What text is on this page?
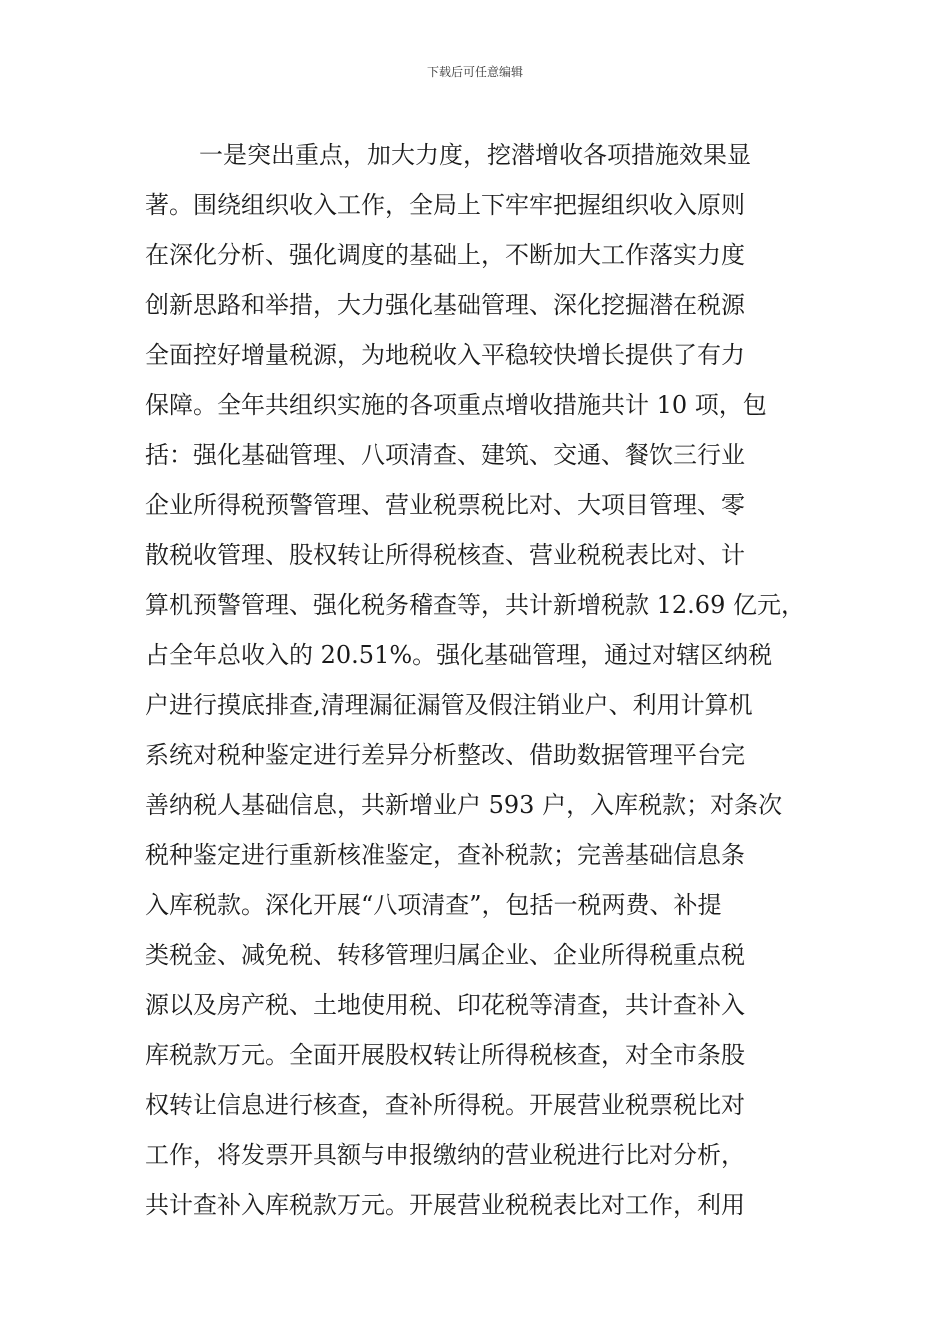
下载后可任意编辑
一是突出重点，加大力度，挖潜增收各项措施效果显
著。围绕组织收入工作，全局上下牢牢把握组织收入原则
在深化分析、强化调度的基础上，不断加大工作落实力度
创新思路和举措，大力强化基础管理、深化挖掘潜在税源
全面控好增量税源，为地税收入平稳较快增长提供了有力
保障。全年共组织实施的各项重点增收措施共计 10 项，包
括：强化基础管理、八项清查、建筑、交通、餐饮三行业
企业所得税预警管理、营业税票税比对、大项目管理、零
散税收管理、股权转让所得税核查、营业税税表比对、计
算机预警管理、强化税务稽查等，共计新增税款 12.69 亿元，
占全年总收入的 20.51%。强化基础管理，通过对辖区纳税
户进行摸底排查,清理漏征漏管及假注销业户、利用计算机
系统对税种鉴定进行差异分析整改、借助数据管理平台完
善纳税人基础信息，共新增业户 593 户，入库税款；对条次
税种鉴定进行重新核准鉴定，查补税款；完善基础信息条
入库税款。深化开展“八项清查”，包括一税两费、补提
类税金、减免税、转移管理归属企业、企业所得税重点税
源以及房产税、土地使用税、印花税等清查，共计查补入
库税款万元。全面开展股权转让所得税核查，对全市条股
权转让信息进行核查，查补所得税。开展营业税票税比对
工作，将发票开具额与申报缴纳的营业税进行比对分析，
共计查补入库税款万元。开展营业税税表比对工作，利用
